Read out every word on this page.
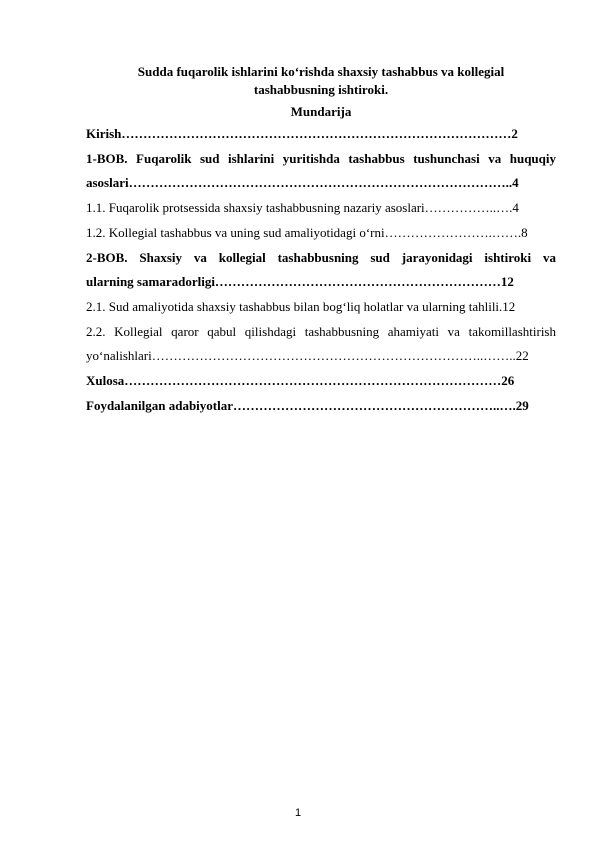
Sudda fuqarolik ishlarini ko‘rishda shaxsiy tashabbus va kollegial
tashabbusning ishtiroki.
Mundarija
Kirish………………………………………………………………………………2
1-BOB. Fuqarolik sud ishlarini yuritishda tashabbus tushunchasi va huquqiy
asoslari……………………………………………………………………………..4
1.1. Fuqarolik protsessida shaxsiy tashabbusning nazariy asoslari……………..….4
1.2. Kollegial tashabbus va uning sud amaliyotidagi o‘rni…………………….…….8
2-BOB. Shaxsiy va kollegial tashabbusning sud jarayonidagi ishtiroki va
ularning samaradorligi…………………………………………………………12
2.1. Sud amaliyotida shaxsiy tashabbus bilan bog‘liq holatlar va ularning tahlili.12
2.2. Kollegial qaror qabul qilishdagi tashabbusning ahamiyati va takomillashtirish
yo‘nalishlari…………………………………………………………………..……..22
Xulosa……………………………………………………………………………26
Foydalanilgan adabiyotlar……………………………………………………..….29
1
